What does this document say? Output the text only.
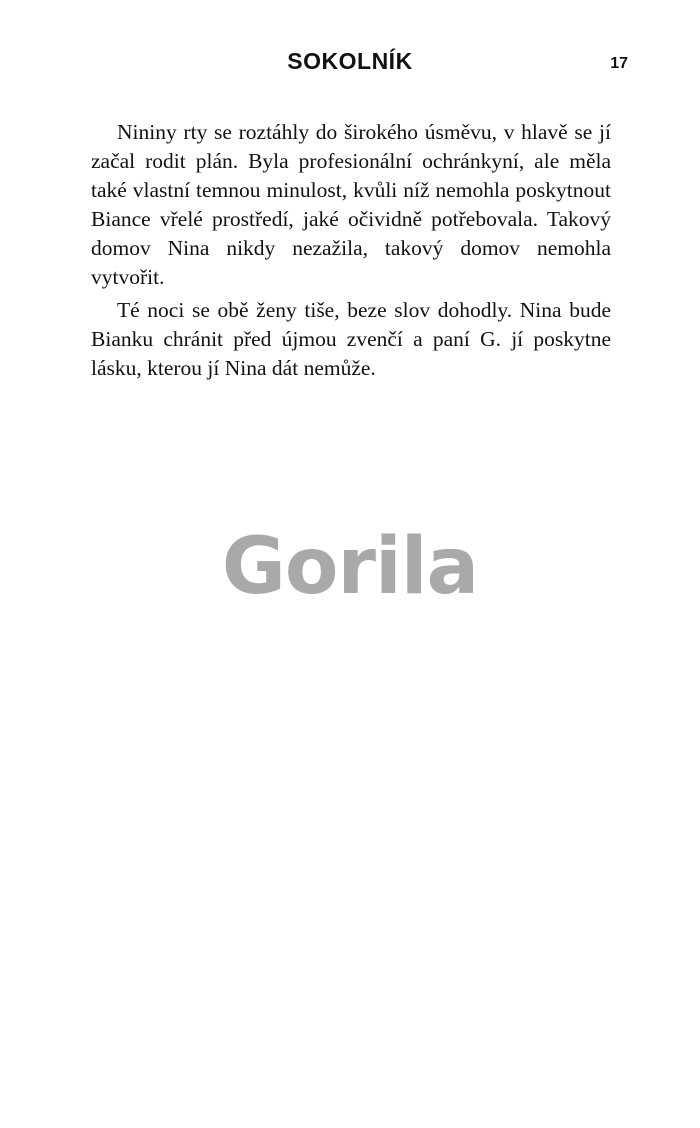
SOKOLNÍK	17

Nininy rty se roztáhly do širokého úsměvu, v hlavě se jí začal rodit plán. Byla profesionální ochránkyní, ale měla také vlastní temnou minulost, kvůli níž nemohla poskytnout Biance vřelé prostředí, jaké očividně potřebovala. Takový domov Nina nikdy nezažila, takový domov nemohla vytvořit.

Té noci se obě ženy tiše, beze slov dohodly. Nina bude Bianku chránit před újmou zvenčí a paní G. jí poskytne lásku, kterou jí Nina dát nemůže.

Gorila
